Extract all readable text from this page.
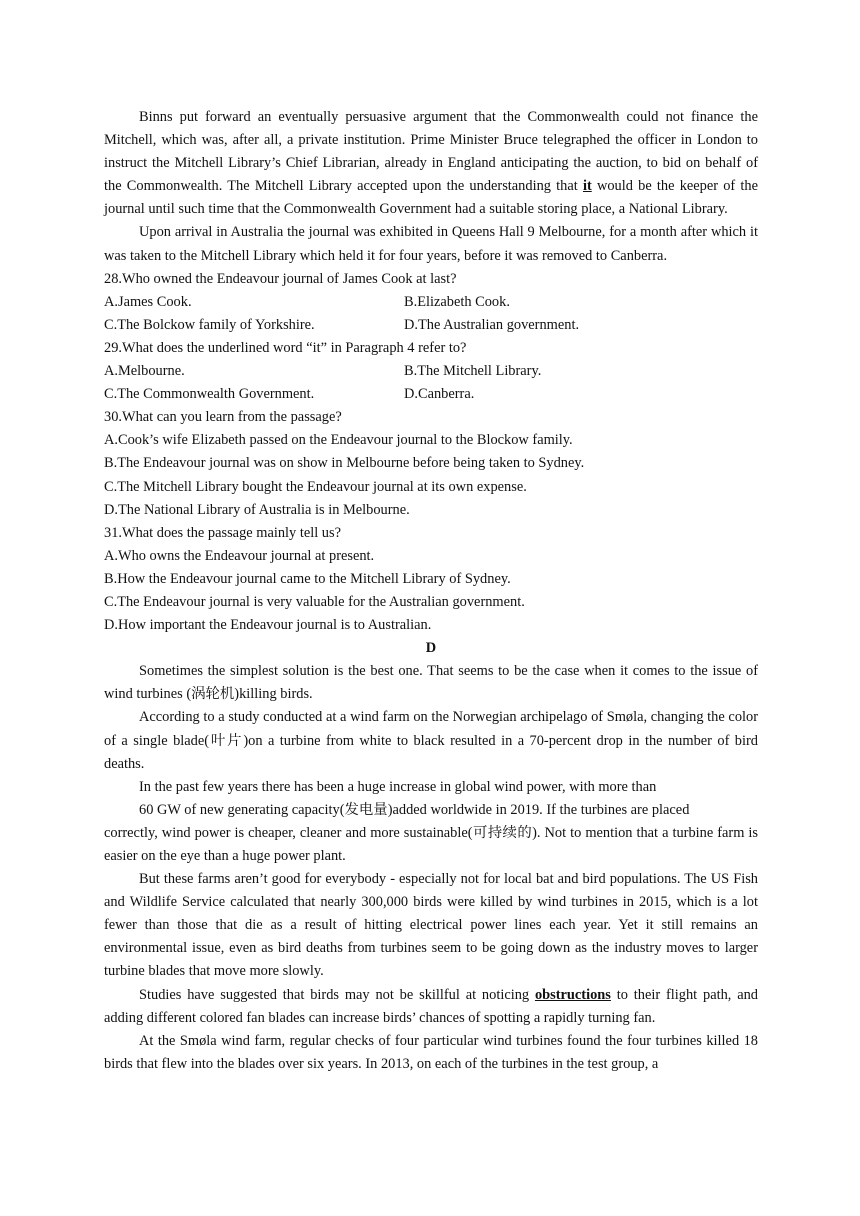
Binns put forward an eventually persuasive argument that the Commonwealth could not finance the Mitchell, which was, after all, a private institution. Prime Minister Bruce telegraphed the officer in London to instruct the Mitchell Library’s Chief Librarian, already in England anticipating the auction, to bid on behalf of the Commonwealth. The Mitchell Library accepted upon the understanding that it would be the keeper of the journal until such time that the Commonwealth Government had a suitable storing place, a National Library.

Upon arrival in Australia the journal was exhibited in Queens Hall 9 Melbourne, for a month after which it was taken to the Mitchell Library which held it for four years, before it was removed to Canberra.

28.Who owned the Endeavour journal of James Cook at last?
A.James Cook.	B.Elizabeth Cook.
C.The Bolckow family of Yorkshire.	D.The Australian government.
29.What does the underlined word “it” in Paragraph 4 refer to?
A.Melbourne.	B.The Mitchell Library.
C.The Commonwealth Government.	D.Canberra.
30.What can you learn from the passage?
A.Cook’s wife Elizabeth passed on the Endeavour journal to the Blockow family.
B.The Endeavour journal was on show in Melbourne before being taken to Sydney.
C.The Mitchell Library bought the Endeavour journal at its own expense.
D.The National Library of Australia is in Melbourne.
31.What does the passage mainly tell us?
A.Who owns the Endeavour journal at present.
B.How the Endeavour journal came to the Mitchell Library of Sydney.
C.The Endeavour journal is very valuable for the Australian government.
D.How important the Endeavour journal is to Australian.
D

Sometimes the simplest solution is the best one. That seems to be the case when it comes to the issue of wind turbines (涡轮机)killing birds.

According to a study conducted at a wind farm on the Norwegian archipelago of Smøla, changing the color of a single blade(叶片)on a turbine from white to black resulted in a 70-percent drop in the number of bird deaths.

In the past few years there has been a huge increase in global wind power, with more than
60 GW of new generating capacity(发电量)added worldwide in 2019. If the turbines are placed

correctly, wind power is cheaper, cleaner and more sustainable(可持续的). Not to mention that a turbine farm is easier on the eye than a huge power plant.

But these farms aren’t good for everybody - especially not for local bat and bird populations. The US Fish and Wildlife Service calculated that nearly 300,000 birds were killed by wind turbines in 2015, which is a lot fewer than those that die as a result of hitting electrical power lines each year. Yet it still remains an environmental issue, even as bird deaths from turbines seem to be going down as the industry moves to larger turbine blades that move more slowly.

Studies have suggested that birds may not be skillful at noticing obstructions to their flight path, and adding different colored fan blades can increase birds’ chances of spotting a rapidly turning fan.

At the Smøla wind farm, regular checks of four particular wind turbines found the four turbines killed 18 birds that flew into the blades over six years. In 2013, on each of the turbines in the test group, a
